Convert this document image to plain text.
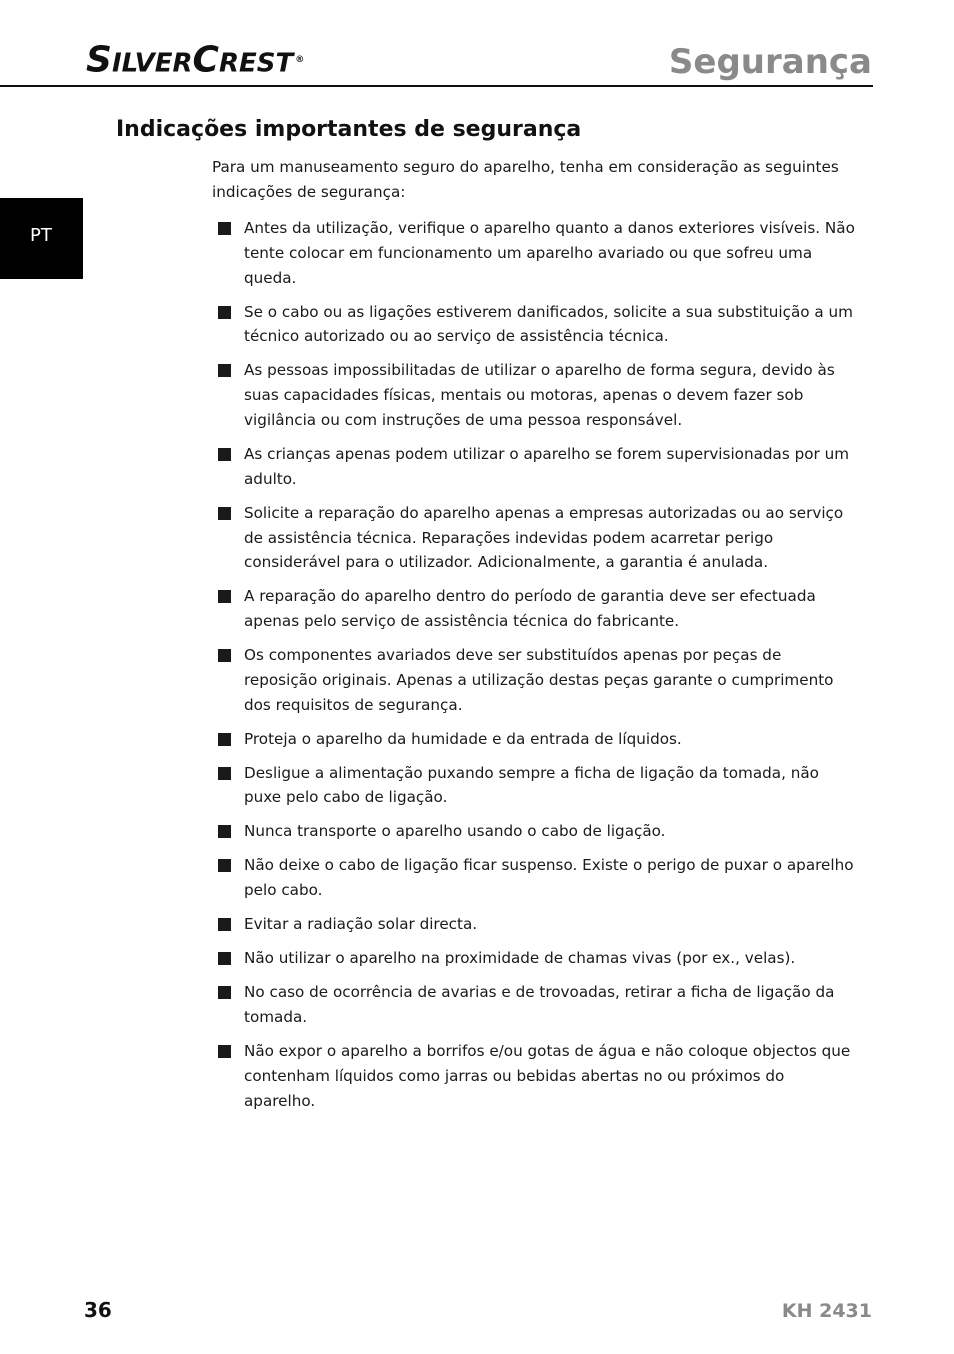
SILVERCREST ®	Segurança
PT
Indicações importantes de segurança

Para um manuseamento seguro do aparelho, tenha em consideração as seguintes indicações de segurança:

Antes da utilização, verifique o aparelho quanto a danos exteriores visíveis. Não tente colocar em funcionamento um aparelho avariado ou que sofreu uma queda.
Se o cabo ou as ligações estiverem danificados, solicite a sua substituição a um técnico autorizado ou ao serviço de assistência técnica.
As pessoas impossibilitadas de utilizar o aparelho de forma segura, devido às suas capacidades físicas, mentais ou motoras, apenas o devem fazer sob vigilância ou com instruções de uma pessoa responsável.
As crianças apenas podem utilizar o aparelho se forem supervisionadas por um adulto.
Solicite a reparação do aparelho apenas a empresas autorizadas ou ao serviço de assistência técnica. Reparações indevidas podem acarretar perigo considerável para o utilizador. Adicionalmente, a garantia é anulada.
A reparação do aparelho dentro do período de garantia deve ser efectuada apenas pelo serviço de assistência técnica do fabricante.
Os componentes avariados deve ser substituídos apenas por peças de reposição originais. Apenas a utilização destas peças garante o cumprimento dos requisitos de segurança.
Proteja o aparelho da humidade e da entrada de líquidos.
Desligue a alimentação puxando sempre a ficha de ligação da tomada, não puxe pelo cabo de ligação.
Nunca transporte o aparelho usando o cabo de ligação.
Não deixe o cabo de ligação ficar suspenso. Existe o perigo de puxar o aparelho pelo cabo.
Evitar a radiação solar directa.
Não utilizar o aparelho na proximidade de chamas vivas (por ex., velas).
No caso de ocorrência de avarias e de trovoadas, retirar a ficha de ligação da tomada.
Não expor o aparelho a borrifos e/ou gotas de água e não coloque objectos que contenham líquidos como jarras ou bebidas abertas no ou próximos do aparelho.
36	KH 2431
